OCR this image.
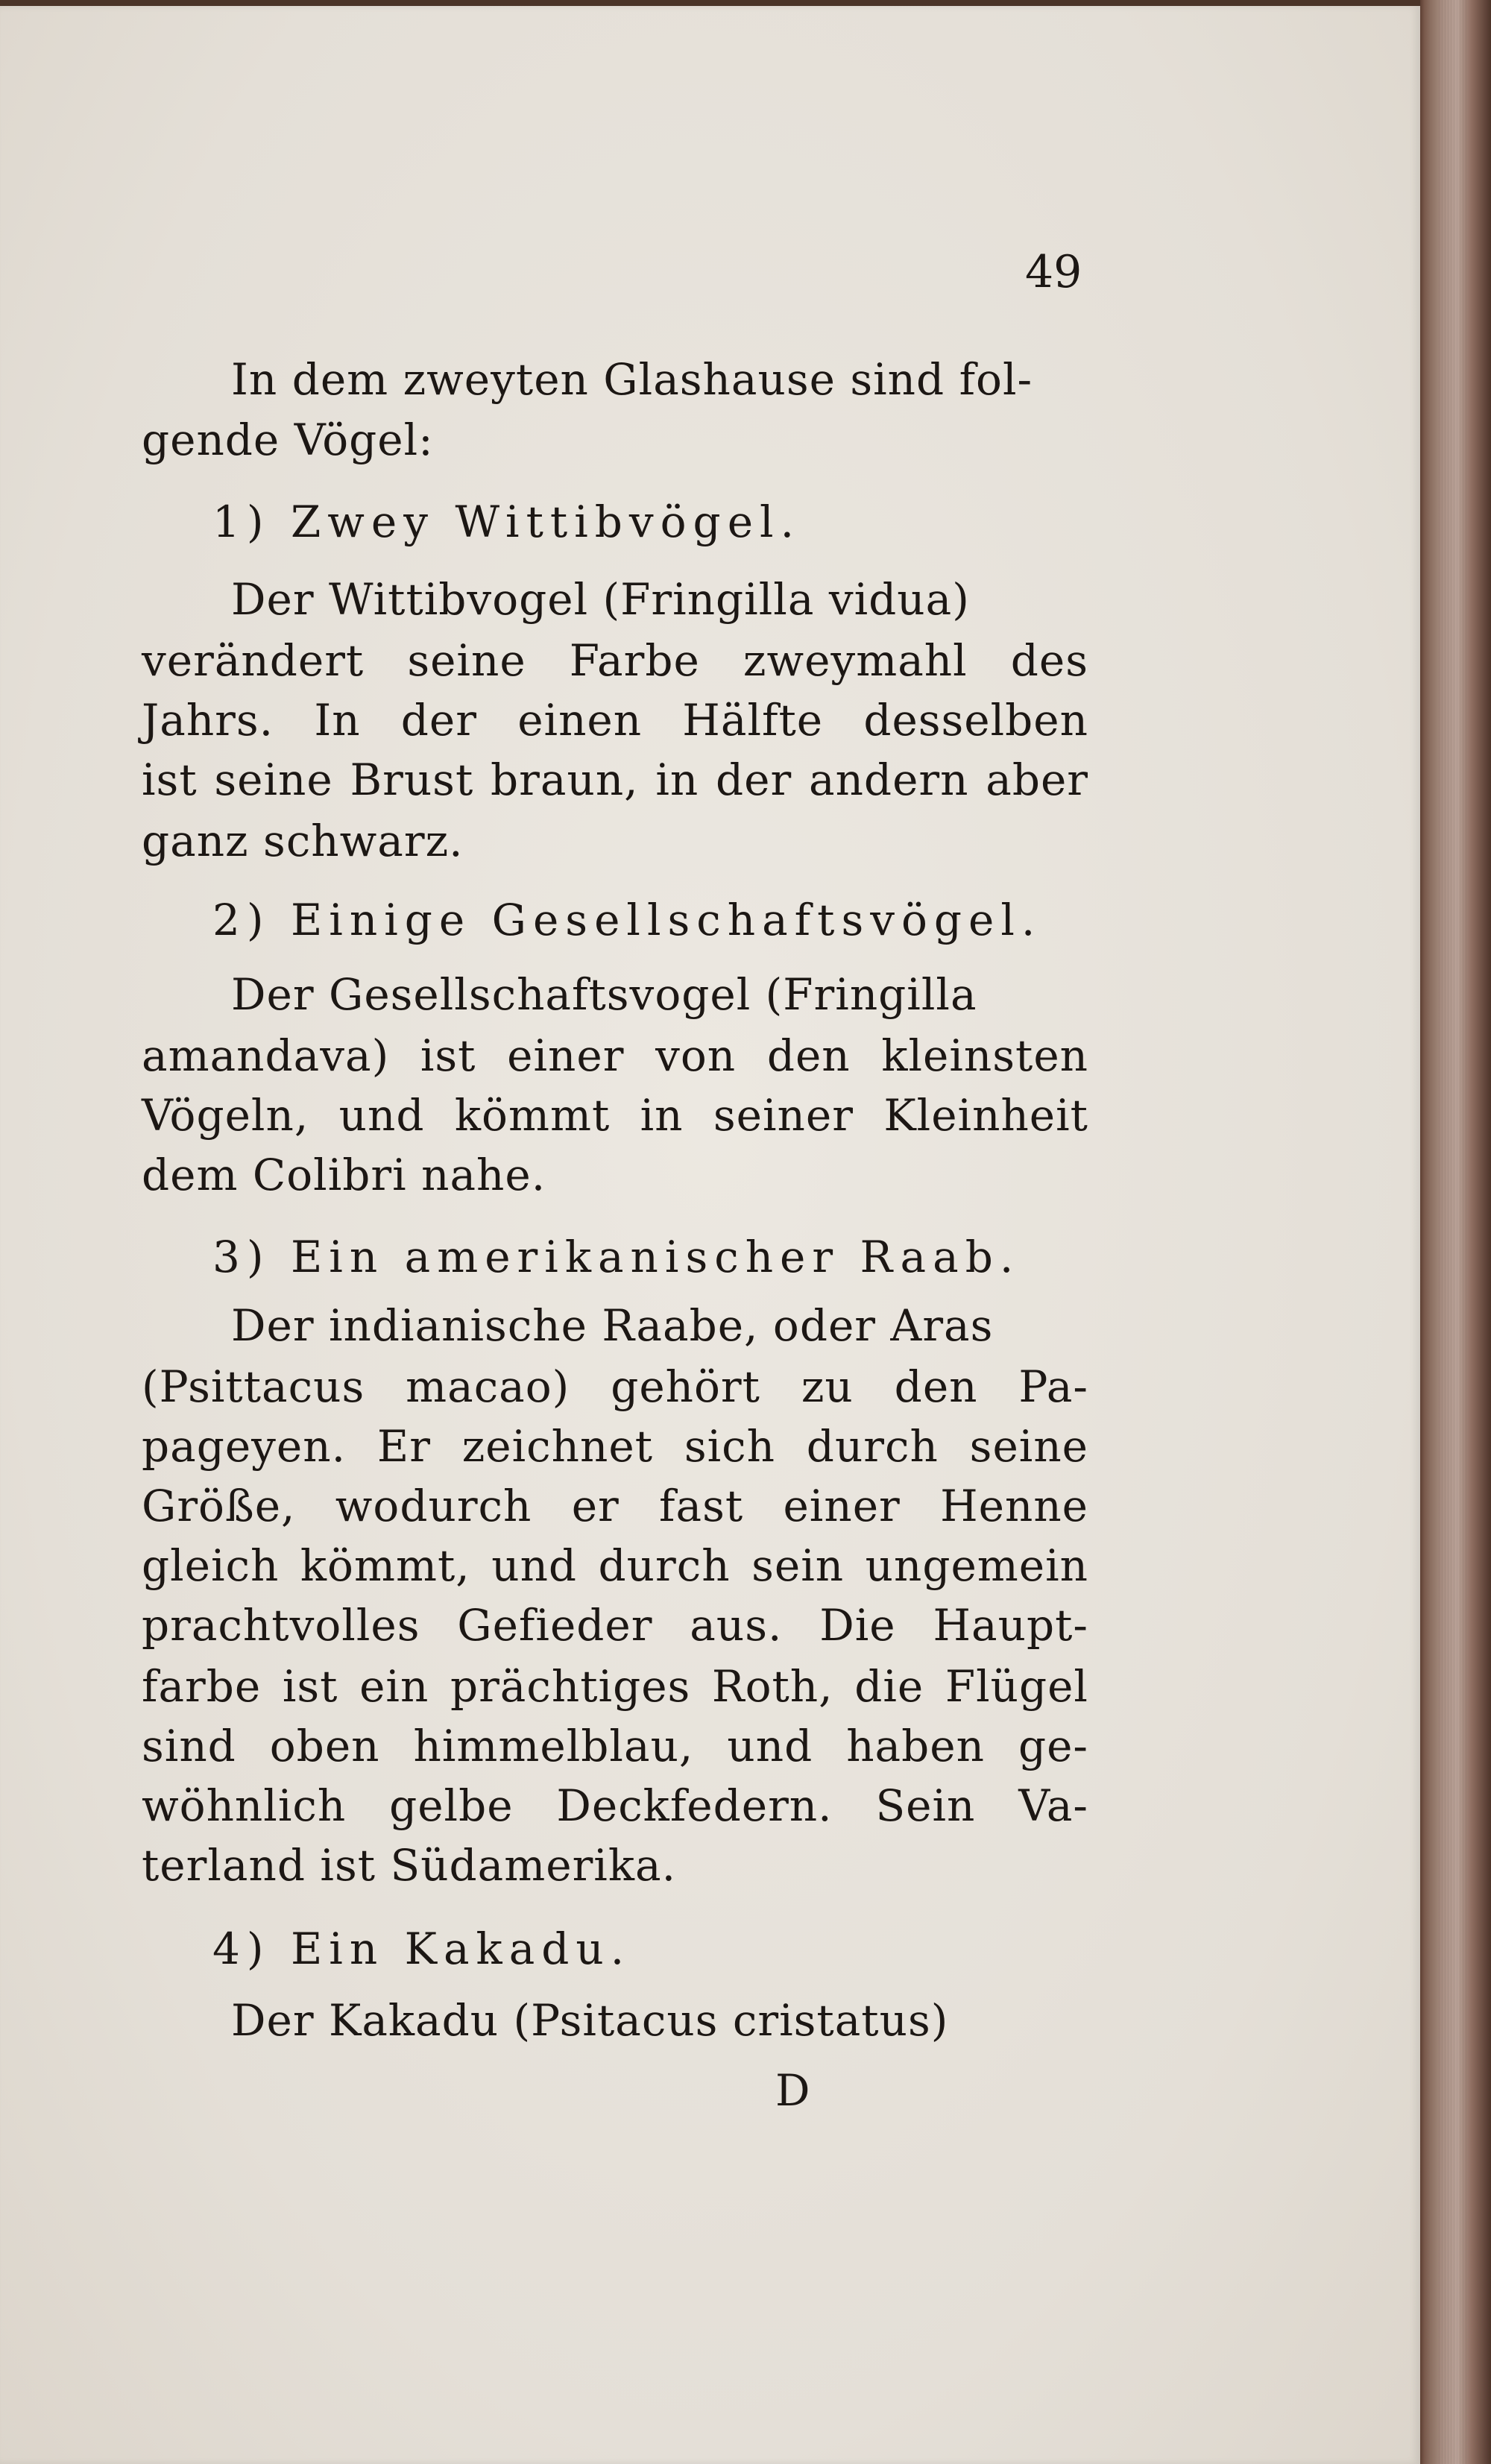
49
In dem zweyten Glashause sind fol-
gende Vögel:
1) Zwey Wittibvögel.
Der Wittibvogel (Fringilla vidua)
verändert seine Farbe zweymahl des
Jahrs. In der einen Hälfte desselben
ist seine Brust braun, in der andern aber
ganz schwarz.
2) Einige Gesellschaftsvögel.
Der Gesellschaftsvogel (Fringilla
amandava) ist einer von den kleinsten
Vögeln, und kömmt in seiner Kleinheit
dem Colibri nahe.
3) Ein amerikanischer Raab.
Der indianische Raabe, oder Aras
(Psittacus macao) gehört zu den Pa-
pageyen. Er zeichnet sich durch seine
Größe, wodurch er fast einer Henne
gleich kömmt, und durch sein ungemein
prachtvolles Gefieder aus. Die Haupt-
farbe ist ein prächtiges Roth, die Flügel
sind oben himmelblau, und haben ge-
wöhnlich gelbe Deckfedern. Sein Va-
terland ist Südamerika.
4) Ein Kakadu.
Der Kakadu (Psitacus cristatus)
D
